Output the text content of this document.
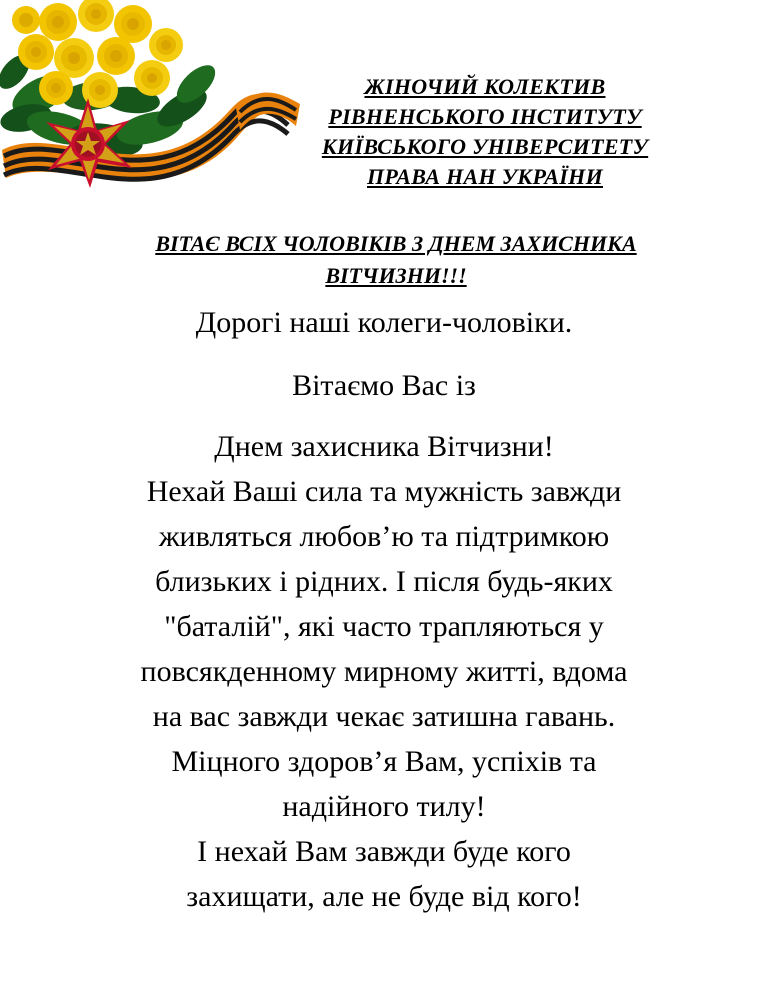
ЖІНОЧИЙ КОЛЕКТИВ
РІВНЕНСЬКОГО ІНСТИТУТУ
КИЇВСЬКОГО УНІВЕРСИТЕТУ
ПРАВА НАН УКРАЇНИ
ВІТАЄ ВСІХ ЧОЛОВІКІВ З ДНЕМ ЗАХИСНИКА
ВІТЧИЗНИ!!!

Дорогі наші колеги-чоловіки.

Вітаємо Вас із

Днем захисника Вітчизни!
Нехай Ваші сила та мужність завжди
живляться любов’ю та підтримкою
близьких і рідних. І після будь-яких
"баталій", які часто трапляються у
повсякденному мирному житті, вдома
на вас завжди чекає затишна гавань.
Міцного здоров’я Вам, успіхів та
надійного тилу!
І нехай Вам завжди буде кого
захищати, але не буде від кого!
